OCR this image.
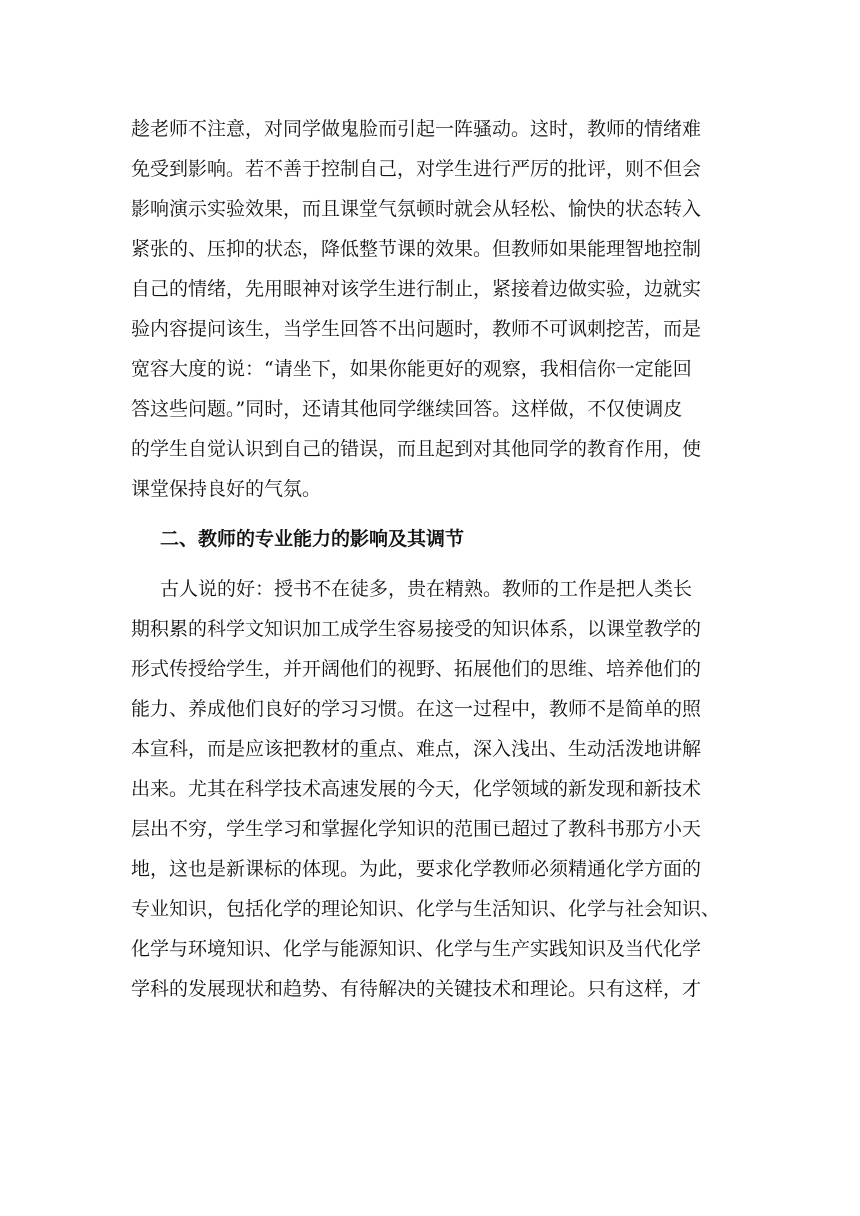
趁老师不注意，对同学做鬼脸而引起一阵骚动。这时，教师的情绪难
免受到影响。若不善于控制自己，对学生进行严厉的批评，则不但会
影响演示实验效果，而且课堂气氛顿时就会从轻松、愉快的状态转入
紧张的、压抑的状态，降低整节课的效果。但教师如果能理智地控制
自己的情绪，先用眼神对该学生进行制止，紧接着边做实验，边就实
验内容提问该生，当学生回答不出问题时，教师不可讽刺挖苦，而是
宽容大度的说：“请坐下，如果你能更好的观察，我相信你一定能回
答这些问题。”同时，还请其他同学继续回答。这样做，不仅使调皮
的学生自觉认识到自己的错误，而且起到对其他同学的教育作用，使
课堂保持良好的气氛。
二、教师的专业能力的影响及其调节
古人说的好：授书不在徒多，贵在精熟。教师的工作是把人类长
期积累的科学文知识加工成学生容易接受的知识体系，以课堂教学的
形式传授给学生，并开阔他们的视野、拓展他们的思维、培养他们的
能力、养成他们良好的学习习惯。在这一过程中，教师不是简单的照
本宣科，而是应该把教材的重点、难点，深入浅出、生动活泼地讲解
出来。尤其在科学技术高速发展的今天，化学领域的新发现和新技术
层出不穷，学生学习和掌握化学知识的范围已超过了教科书那方小天
地，这也是新课标的体现。为此，要求化学教师必须精通化学方面的
专业知识，包括化学的理论知识、化学与生活知识、化学与社会知识、
化学与环境知识、化学与能源知识、化学与生产实践知识及当代化学
学科的发展现状和趋势、有待解决的关键技术和理论。只有这样，才
